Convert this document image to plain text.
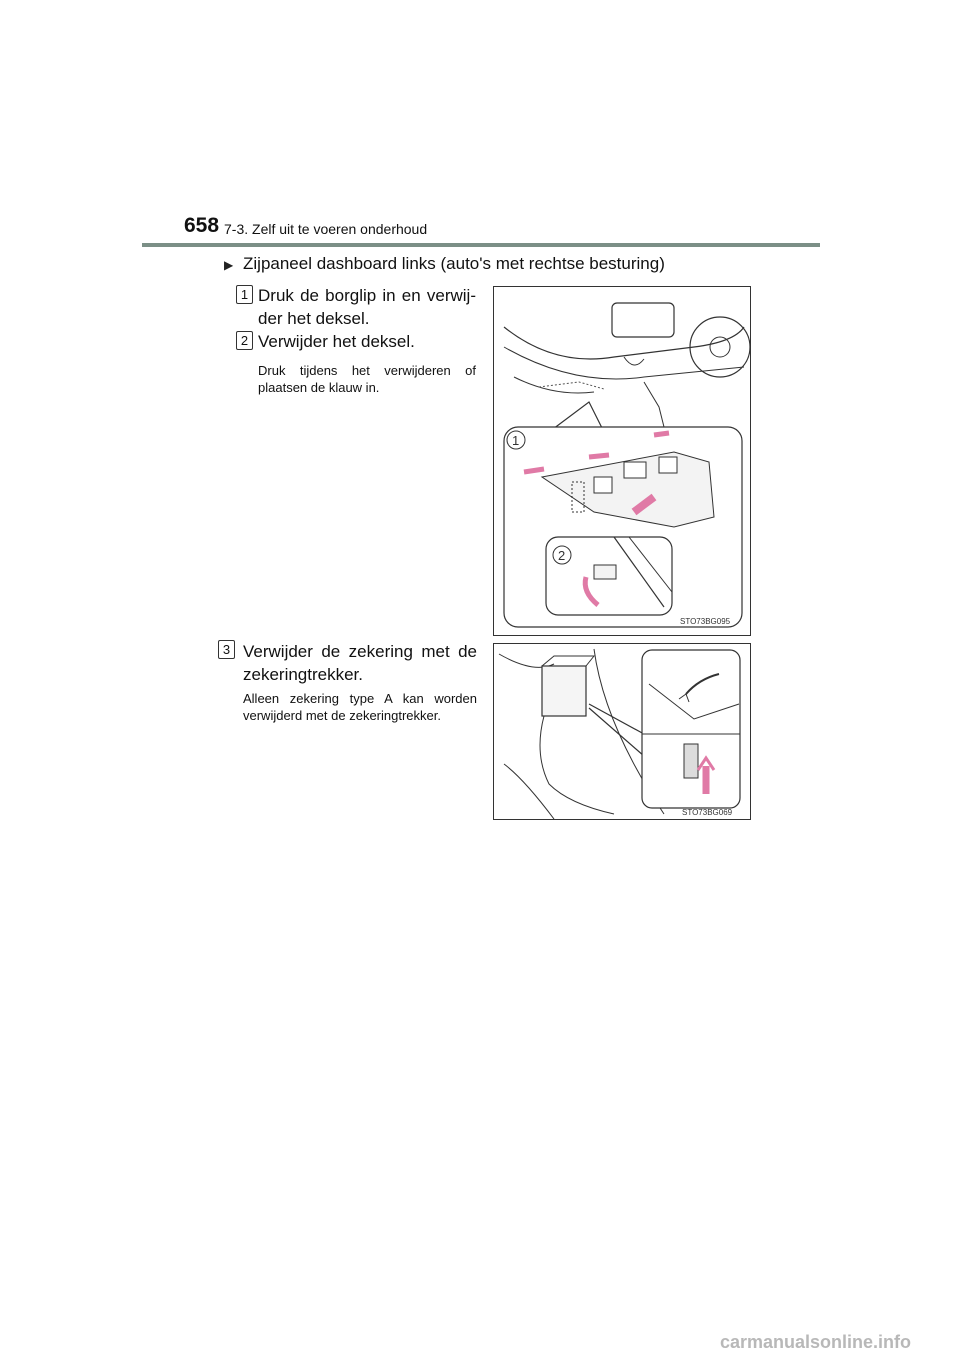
658 7-3. Zelf uit te voeren onderhoud
▶ Zijpaneel dashboard links (auto's met rechtse besturing)
1 Druk de borglip in en verwij-der het deksel.
2 Verwijder het deksel.
Druk tijdens het verwijderen of plaatsen de klauw in.
3 Verwijder de zekering met de zekeringtrekker.
Alleen zekering type A kan worden verwijderd met de zekeringtrekker.
STO73BG095
1
2
STO73BG069
carmanualsonline.info
